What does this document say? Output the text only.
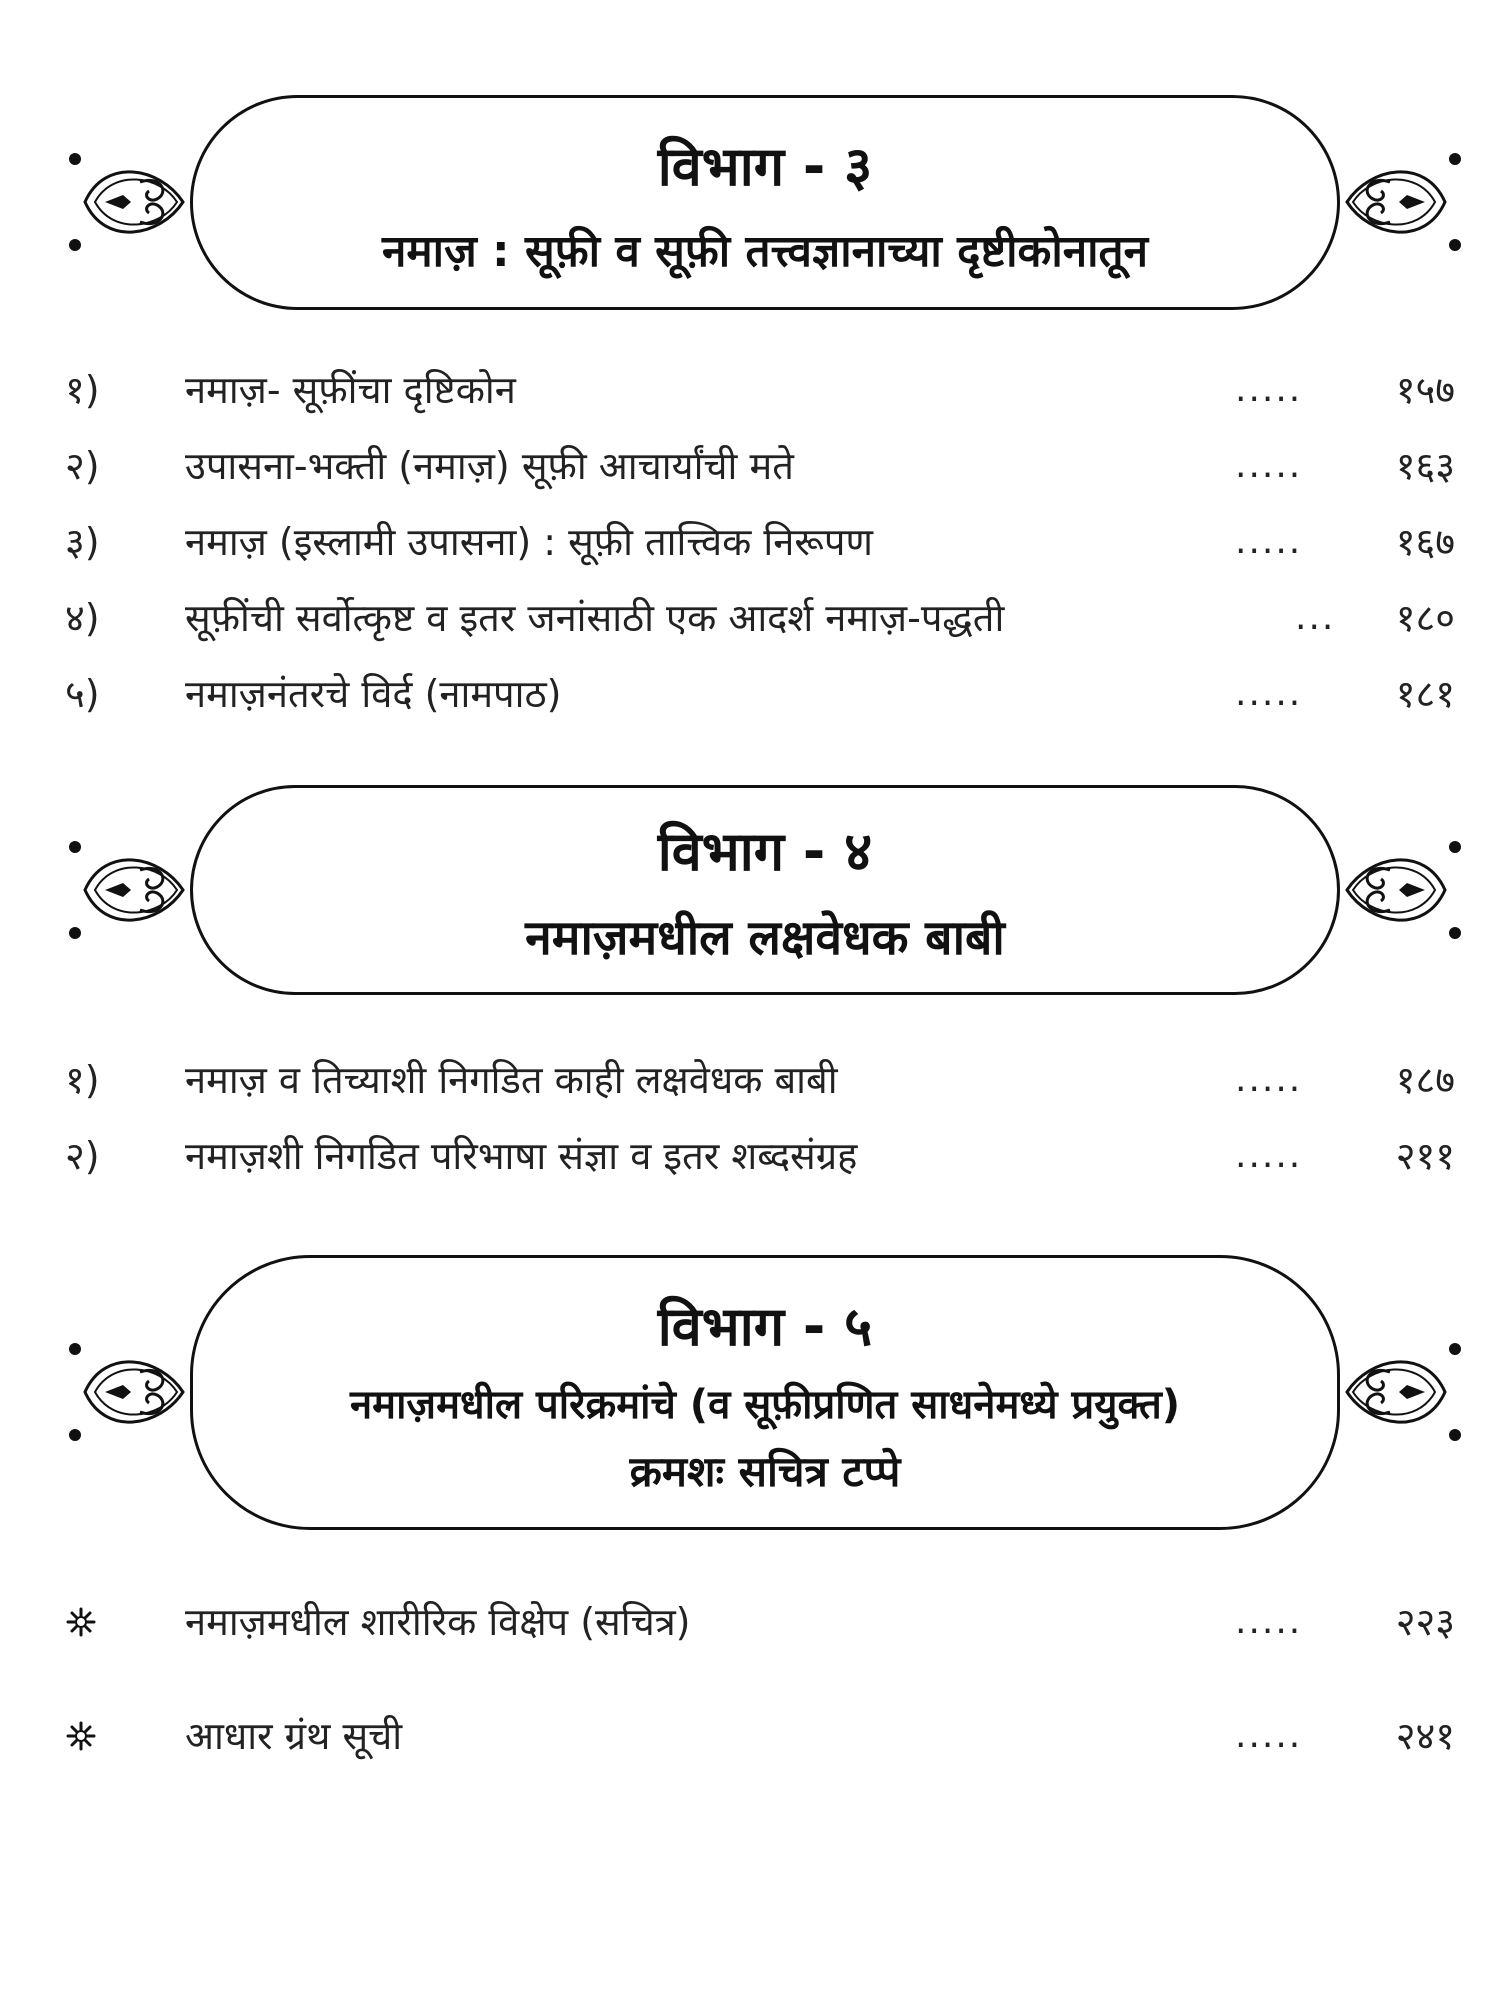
विभाग - ३
नमाज़ : सूफ़ी व सूफ़ी तत्त्वज्ञानाच्या दृष्टीकोनातून
१) नमाज़- सूफ़ींचा दृष्टिकोन	..... १५७
२) उपासना-भक्ती (नमाज़) सूफ़ी आचार्यांची मते	..... १६३
३) नमाज़ (इस्लामी उपासना) : सूफ़ी तात्त्विक निरूपण	..... १६७
४) सूफ़ींची सर्वोत्कृष्ट व इतर जनांसाठी एक आदर्श नमाज़-पद्धती	... १८०
५) नमाज़नंतरचे विर्द (नामपाठ)	..... १८१
विभाग - ४
नमाज़मधील लक्षवेधक बाबी
१) नमाज़ व तिच्याशी निगडित काही लक्षवेधक बाबी	..... १८७
२) नमाज़शी निगडित परिभाषा संज्ञा व इतर शब्दसंग्रह	..... २११
विभाग - ५
नमाज़मधील परिक्रमांचे (व सूफ़ीप्रणित साधनेमध्ये प्रयुक्त)
क्रमशः सचित्र टप्पे
नमाज़मधील शारीरिक विक्षेप (सचित्र)	..... २२३
आधार ग्रंथ सूची	..... २४१
